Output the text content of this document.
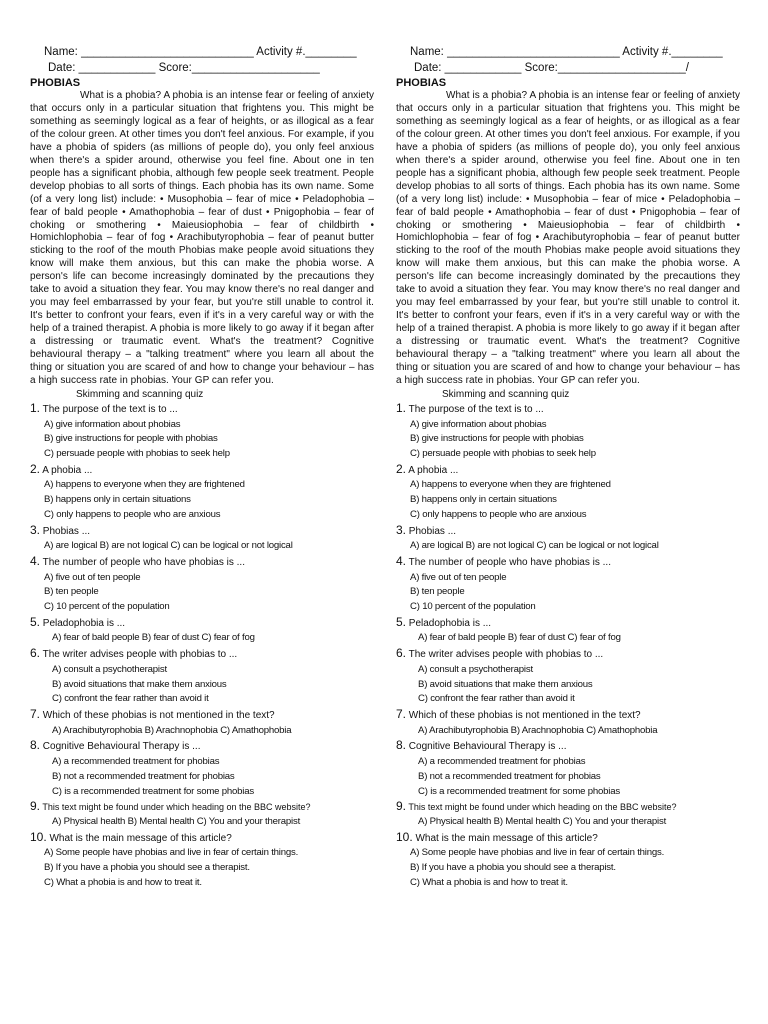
Name: ___________________________ Activity #.________
Date: ____________ Score:____________________
PHOBIAS

What is a phobia? A phobia is an intense fear or feeling of anxiety that occurs only in a particular situation that frightens you. This might be something as seemingly logical as a fear of heights, or as illogical as a fear of the colour green. At other times you don't feel anxious. For example, if you have a phobia of spiders (as millions of people do), you only feel anxious when there's a spider around, otherwise you feel fine. About one in ten people has a significant phobia, although few people seek treatment. People develop phobias to all sorts of things. Each phobia has its own name. Some (of a very long list) include: • Musophobia – fear of mice • Peladophobia – fear of bald people • Amathophobia – fear of dust • Pnigophobia – fear of choking or smothering • Maieusiophobia – fear of childbirth • Homichlophobia – fear of fog • Arachibutyrophobia – fear of peanut butter sticking to the roof of the mouth Phobias make people avoid situations they know will make them anxious, but this can make the phobia worse. A person's life can become increasingly dominated by the precautions they take to avoid a situation they fear. You may know there's no real danger and you may feel embarrassed by your fear, but you're still unable to control it. It's better to confront your fears, even if it's in a very careful way or with the help of a trained therapist. A phobia is more likely to go away if it began after a distressing or traumatic event. What's the treatment? Cognitive behavioural therapy – a "talking treatment" where you learn all about the thing or situation you are scared of and how to change your behaviour – has a high success rate in phobias. Your GP can refer you.

Skimming and scanning quiz
1. The purpose of the text is to ...
A) give information about phobias
B) give instructions for people with phobias
C) persuade people with phobias to seek help
2. A phobia ...
A) happens to everyone when they are frightened
B) happens only in certain situations
C) only happens to people who are anxious
3. Phobias ...
A) are logical B) are not logical C) can be logical or not logical
4. The number of people who have phobias is ...
A) five out of ten people
B) ten people
C) 10 percent of the population
5. Peladophobia is ...
A) fear of bald people B) fear of dust C) fear of fog
6. The writer advises people with phobias to ...
A) consult a psychotherapist
B) avoid situations that make them anxious
C) confront the fear rather than avoid it
7. Which of these phobias is not mentioned in the text?
A) Arachibutyrophobia B) Arachnophobia C) Amathophobia
8. Cognitive Behavioural Therapy is ...
A) a recommended treatment for phobias
B) not a recommended treatment for phobias
C) is a recommended treatment for some phobias
9. This text might be found under which heading on the BBC website?
A) Physical health B) Mental health C) You and your therapist
10. What is the main message of this article?
A) Some people have phobias and live in fear of certain things.
B) If you have a phobia you should see a therapist.
C) What a phobia is and how to treat it.
Name: ___________________________ Activity #.________
Date: ____________ Score:____________________/
PHOBIAS

What is a phobia? A phobia is an intense fear or feeling of anxiety that occurs only in a particular situation that frightens you. This might be something as seemingly logical as a fear of heights, or as illogical as a fear of the colour green. At other times you don't feel anxious. For example, if you have a phobia of spiders (as millions of people do), you only feel anxious when there's a spider around, otherwise you feel fine. About one in ten people has a significant phobia, although few people seek treatment. People develop phobias to all sorts of things. Each phobia has its own name. Some (of a very long list) include: • Musophobia – fear of mice • Peladophobia – fear of bald people • Amathophobia – fear of dust • Pnigophobia – fear of choking or smothering • Maieusiophobia – fear of childbirth • Homichlophobia – fear of fog • Arachibutyrophobia – fear of peanut butter sticking to the roof of the mouth Phobias make people avoid situations they know will make them anxious, but this can make the phobia worse. A person's life can become increasingly dominated by the precautions they take to avoid a situation they fear. You may know there's no real danger and you may feel embarrassed by your fear, but you're still unable to control it. It's better to confront your fears, even if it's in a very careful way or with the help of a trained therapist. A phobia is more likely to go away if it began after a distressing or traumatic event. What's the treatment? Cognitive behavioural therapy – a "talking treatment" where you learn all about the thing or situation you are scared of and how to change your behaviour – has a high success rate in phobias. Your GP can refer you.

Skimming and scanning quiz
1. The purpose of the text is to ...
A) give information about phobias
B) give instructions for people with phobias
C) persuade people with phobias to seek help
2. A phobia ...
A) happens to everyone when they are frightened
B) happens only in certain situations
C) only happens to people who are anxious
3. Phobias ...
A) are logical B) are not logical C) can be logical or not logical
4. The number of people who have phobias is ...
A) five out of ten people
B) ten people
C) 10 percent of the population
5. Peladophobia is ...
A) fear of bald people B) fear of dust C) fear of fog
6. The writer advises people with phobias to ...
A) consult a psychotherapist
B) avoid situations that make them anxious
C) confront the fear rather than avoid it
7. Which of these phobias is not mentioned in the text?
A) Arachibutyrophobia B) Arachnophobia C) Amathophobia
8. Cognitive Behavioural Therapy is ...
A) a recommended treatment for phobias
B) not a recommended treatment for phobias
C) is a recommended treatment for some phobias
9. This text might be found under which heading on the BBC website?
A) Physical health B) Mental health C) You and your therapist
10. What is the main message of this article?
A) Some people have phobias and live in fear of certain things.
B) If you have a phobia you should see a therapist.
C) What a phobia is and how to treat it.
